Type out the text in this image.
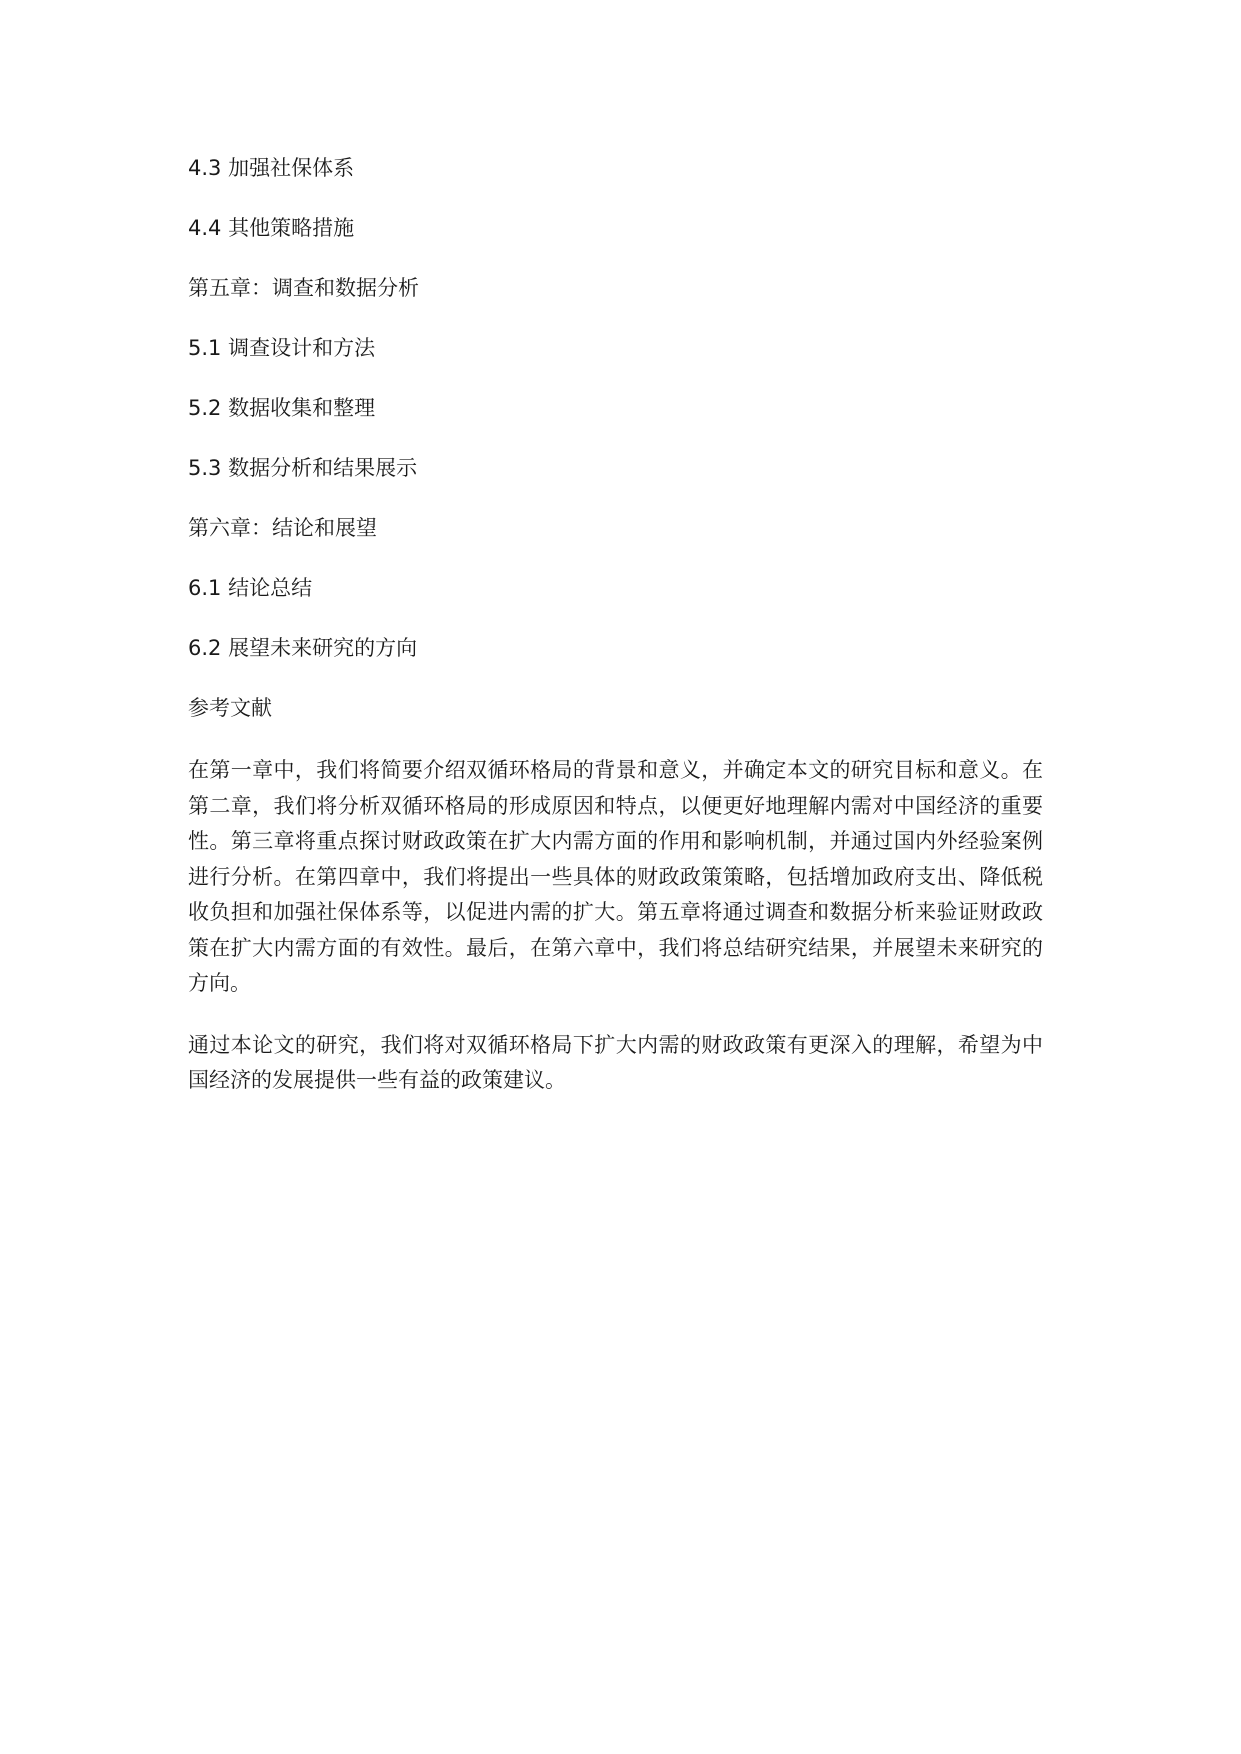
4.3 加强社保体系
4.4 其他策略措施
第五章：调查和数据分析
5.1 调查设计和方法
5.2 数据收集和整理
5.3 数据分析和结果展示
第六章：结论和展望
6.1 结论总结
6.2 展望未来研究的方向
参考文献

在第一章中，我们将简要介绍双循环格局的背景和意义，并确定本文的研究目标和意义。在第二章，我们将分析双循环格局的形成原因和特点，以便更好地理解内需对中国经济的重要性。第三章将重点探讨财政政策在扩大内需方面的作用和影响机制，并通过国内外经验案例进行分析。在第四章中，我们将提出一些具体的财政政策策略，包括增加政府支出、降低税收负担和加强社保体系等，以促进内需的扩大。第五章将通过调查和数据分析来验证财政政策在扩大内需方面的有效性。最后，在第六章中，我们将总结研究结果，并展望未来研究的方向。

通过本论文的研究，我们将对双循环格局下扩大内需的财政政策有更深入的理解，希望为中国经济的发展提供一些有益的政策建议。
